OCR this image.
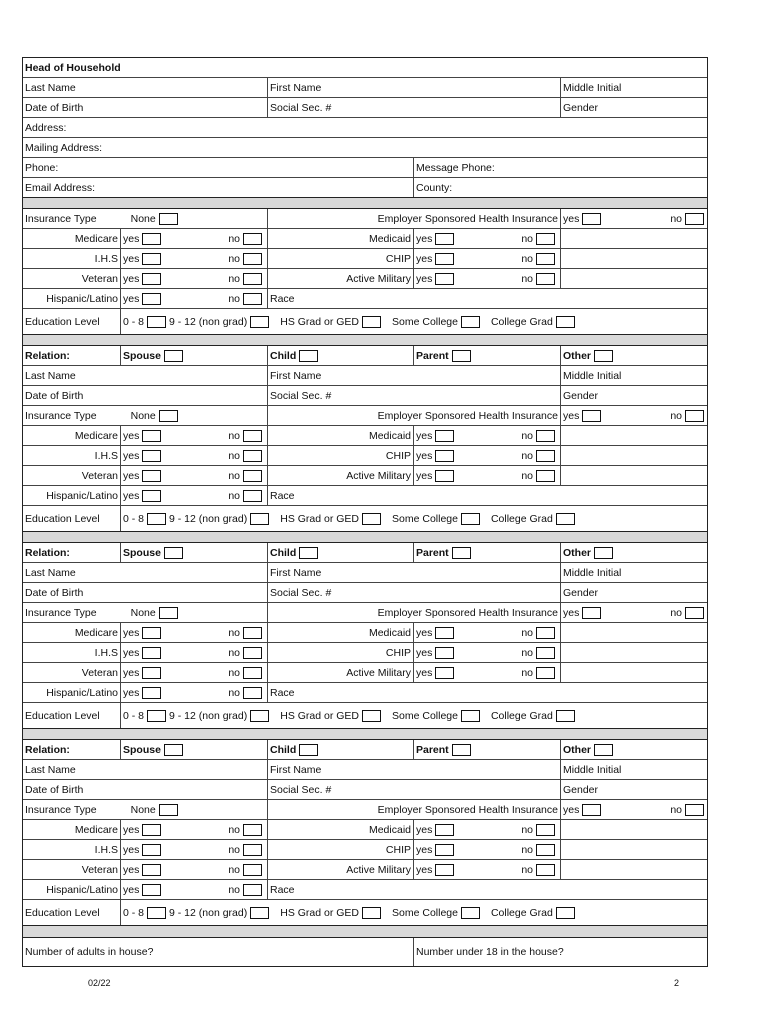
Head of Household
Last Name	First Name	Middle Initial
Date of Birth	Social Sec. #	Gender
Address:
Mailing Address:
Phone:	Message Phone:
Email Address:	County:
Insurance Type	None	Employer Sponsored Health Insurance yes	no
Medicare yes	no	Medicaid yes	no
I.H.S yes	no	CHIP yes	no
Veteran yes	no	Active Military yes	no
Hispanic/Latino yes	no	Race
Education Level 0 - 8 9 - 12 (non grad)	HS Grad or GED	Some College	College Grad
Relation:	Spouse	Child	Parent	Other
Last Name	First Name	Middle Initial
Date of Birth	Social Sec. #	Gender
Insurance Type	None	Employer Sponsored Health Insurance yes	no
Medicare yes	no	Medicaid yes	no
I.H.S yes	no	CHIP yes	no
Veteran yes	no	Active Military yes	no
Hispanic/Latino yes	no	Race
Education Level 0 - 8 9 - 12 (non grad)	HS Grad or GED	Some College	College Grad
Relation:	Spouse	Child	Parent	Other
Last Name	First Name	Middle Initial
Date of Birth	Social Sec. #	Gender
Insurance Type	None	Employer Sponsored Health Insurance yes	no
Medicare yes	no	Medicaid yes	no
I.H.S yes	no	CHIP yes	no
Veteran yes	no	Active Military yes	no
Hispanic/Latino yes	no	Race
Education Level 0 - 8 9 - 12 (non grad)	HS Grad or GED	Some College	College Grad
Relation:	Spouse	Child	Parent	Other
Last Name	First Name	Middle Initial
Date of Birth	Social Sec. #	Gender
Insurance Type	None	Employer Sponsored Health Insurance yes	no
Medicare yes	no	Medicaid yes	no
I.H.S yes	no	CHIP yes	no
Veteran yes	no	Active Military yes	no
Hispanic/Latino yes	no	Race
Education Level 0 - 8 9 - 12 (non grad)	HS Grad or GED	Some College	College Grad
Number of adults in house?	Number under 18 in the house?
02/22	2
